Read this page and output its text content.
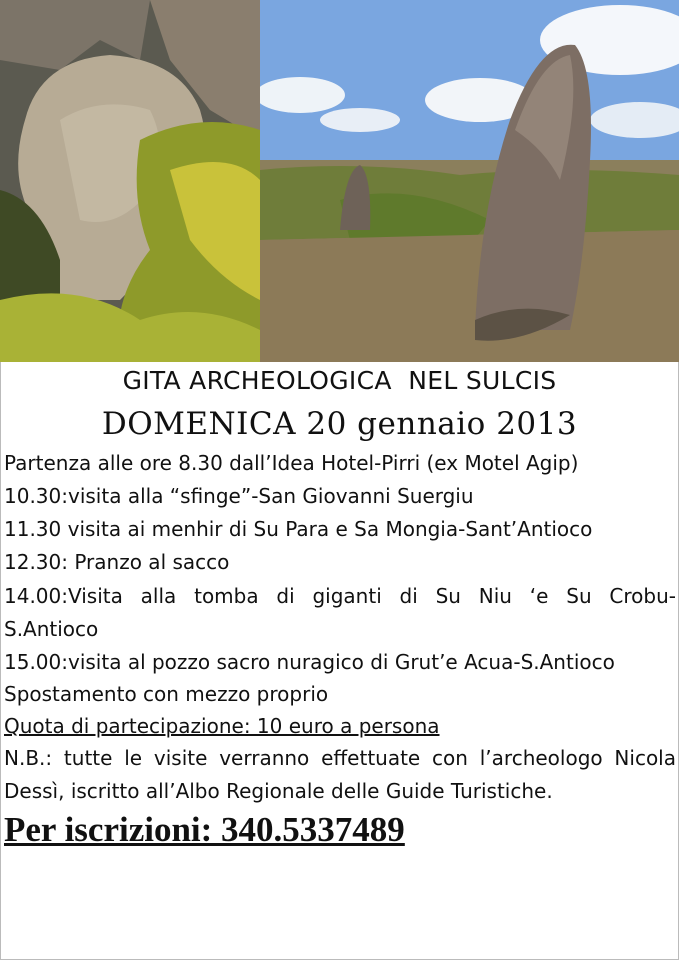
GITA ARCHEOLOGICA  NEL SULCIS
DOMENICA 20 gennaio 2013
Partenza alle ore 8.30 dall’Idea Hotel-Pirri (ex Motel Agip)
10.30:visita alla “sfinge”-San Giovanni Suergiu
11.30 visita ai menhir di Su Para e Sa Mongia-Sant’Antioco
12.30: Pranzo al sacco
14.00:Visita alla tomba di giganti di Su Niu ‘e Su Crobu-
S.Antioco
15.00:visita al pozzo sacro nuragico di Grut’e Acua-S.Antioco
Spostamento con mezzo proprio
Quota di partecipazione: 10 euro a persona
N.B.: tutte le visite verranno effettuate con l’archeologo Nicola
Dessì, iscritto all’Albo Regionale delle Guide Turistiche.
Per iscrizioni: 340.5337489
